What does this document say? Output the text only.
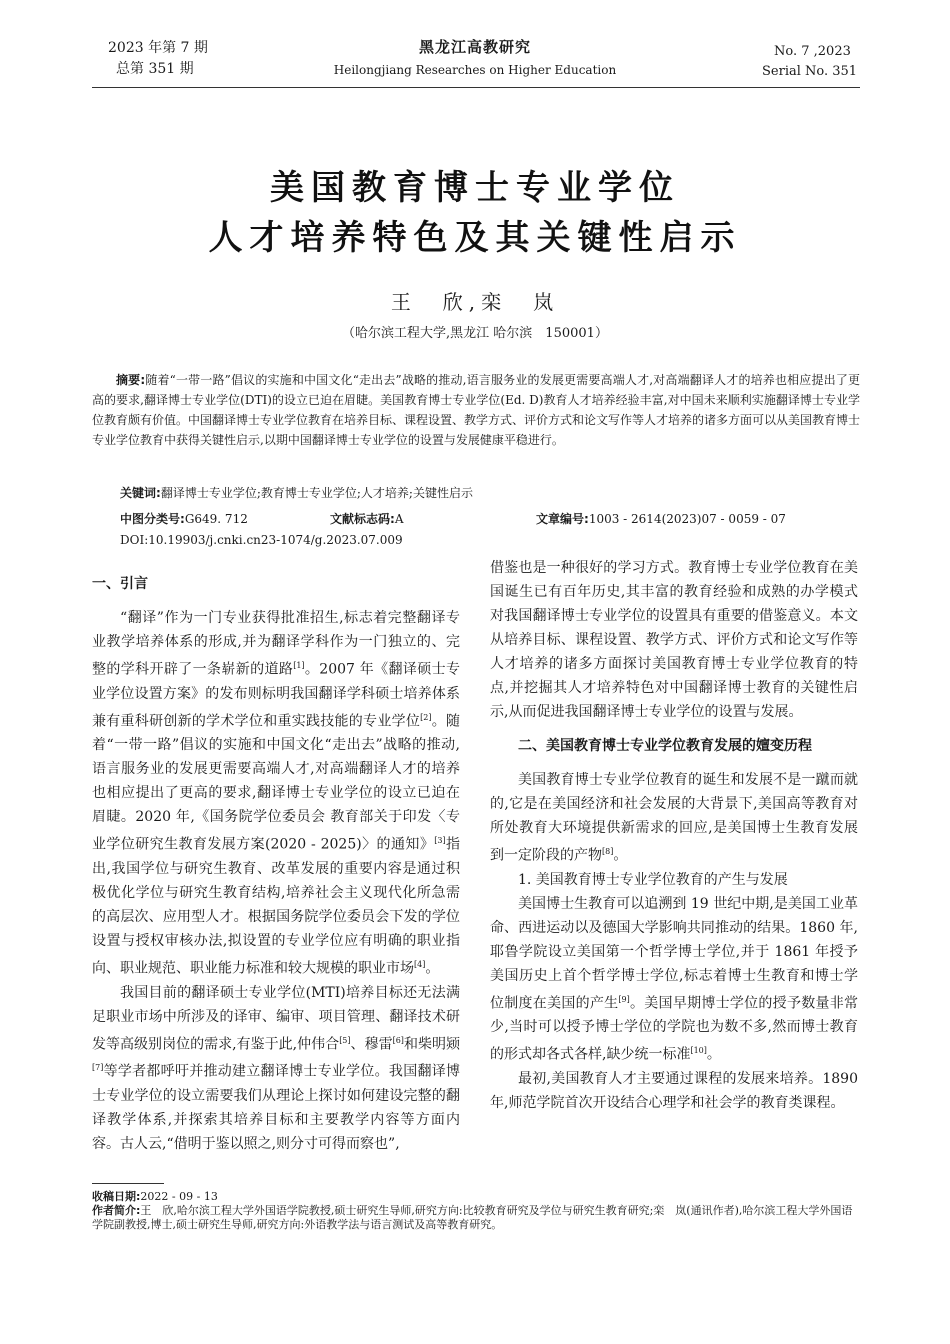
2023 年第 7 期
总第 351 期
黑龙江高教研究
Heilongjiang Researches on Higher Education
No. 7 ,2023
Serial No. 351
美国教育博士专业学位
人才培养特色及其关键性启示
王　欣,栾　岚
（哈尔滨工程大学,黑龙江 哈尔滨　150001）
摘要:随着“一带一路”倡议的实施和中国文化“走出去”战略的推动,语言服务业的发展更需要高端人才,对高端翻译人才的培养也相应提出了更高的要求,翻译博士专业学位(DTI)的设立已迫在眉睫。美国教育博士专业学位(Ed. D)教育人才培养经验丰富,对中国未来顺利实施翻译博士专业学位教育颇有价值。中国翻译博士专业学位教育在培养目标、课程设置、教学方式、评价方式和论文写作等人才培养的诸多方面可以从美国教育博士专业学位教育中获得关键性启示,以期中国翻译博士专业学位的设置与发展健康平稳进行。
关键词:翻译博士专业学位;教育博士专业学位;人才培养;关键性启示
中图分类号:G649. 712	文献标志码:A	文章编号:1003 - 2614(2023)07 - 0059 - 07
DOI:10.19903/j.cnki.cn23-1074/g.2023.07.009

一、引言

“翻译”作为一门专业获得批准招生,标志着完整翻译专业教学培养体系的形成,并为翻译学科作为一门独立的、完整的学科开辟了一条崭新的道路[1]。2007 年《翻译硕士专业学位设置方案》的发布则标明我国翻译学科硕士培养体系兼有重科研创新的学术学位和重实践技能的专业学位[2]。随着“一带一路”倡议的实施和中国文化“走出去”战略的推动,语言服务业的发展更需要高端人才,对高端翻译人才的培养也相应提出了更高的要求,翻译博士专业学位的设立已迫在眉睫。2020 年,《国务院学位委员会 教育部关于印发〈专业学位研究生教育发展方案(2020 - 2025)〉的通知》[3]指出,我国学位与研究生教育、改革发展的重要内容是通过积极优化学位与研究生教育结构,培养社会主义现代化所急需的高层次、应用型人才。根据国务院学位委员会下发的学位设置与授权审核办法,拟设置的专业学位应有明确的职业指向、职业规范、职业能力标准和较大规模的职业市场[4]。

我国目前的翻译硕士专业学位(MTI)培养目标还无法满足职业市场中所涉及的译审、编审、项目管理、翻译技术研发等高级别岗位的需求,有鉴于此,仲伟合[5]、穆雷[6]和柴明颎[7]等学者都呼吁并推动建立翻译博士专业学位。我国翻译博士专业学位的设立需要我们从理论上探讨如何建设完整的翻译教学体系,并探索其培养目标和主要教学内容等方面内容。古人云,“借明于鉴以照之,则分寸可得而察也”,

借鉴也是一种很好的学习方式。教育博士专业学位教育在美国诞生已有百年历史,其丰富的教育经验和成熟的办学模式对我国翻译博士专业学位的设置具有重要的借鉴意义。本文从培养目标、课程设置、教学方式、评价方式和论文写作等人才培养的诸多方面探讨美国教育博士专业学位教育的特点,并挖掘其人才培养特色对中国翻译博士教育的关键性启示,从而促进我国翻译博士专业学位的设置与发展。

二、美国教育博士专业学位教育发展的嬗变历程

美国教育博士专业学位教育的诞生和发展不是一蹴而就的,它是在美国经济和社会发展的大背景下,美国高等教育对所处教育大环境提供新需求的回应,是美国博士生教育发展到一定阶段的产物[8]。

1. 美国教育博士专业学位教育的产生与发展

美国博士生教育可以追溯到 19 世纪中期,是美国工业革命、西进运动以及德国大学影响共同推动的结果。1860 年,耶鲁学院设立美国第一个哲学博士学位,并于 1861 年授予美国历史上首个哲学博士学位,标志着博士生教育和博士学位制度在美国的产生[9]。美国早期博士学位的授予数量非常少,当时可以授予博士学位的学院也为数不多,然而博士教育的形式却各式各样,缺少统一标准[10]。

最初,美国教育人才主要通过课程的发展来培养。1890 年,师范学院首次开设结合心理学和社会学的教育类课程。

收稿日期:2022 - 09 - 13
作者简介:王　欣,哈尔滨工程大学外国语学院教授,硕士研究生导师,研究方向:比较教育研究及学位与研究生教育研究;栾　岚(通讯作者),哈尔滨工程大学外国语学院副教授,博士,硕士研究生导师,研究方向:外语教学法与语言测试及高等教育研究。
